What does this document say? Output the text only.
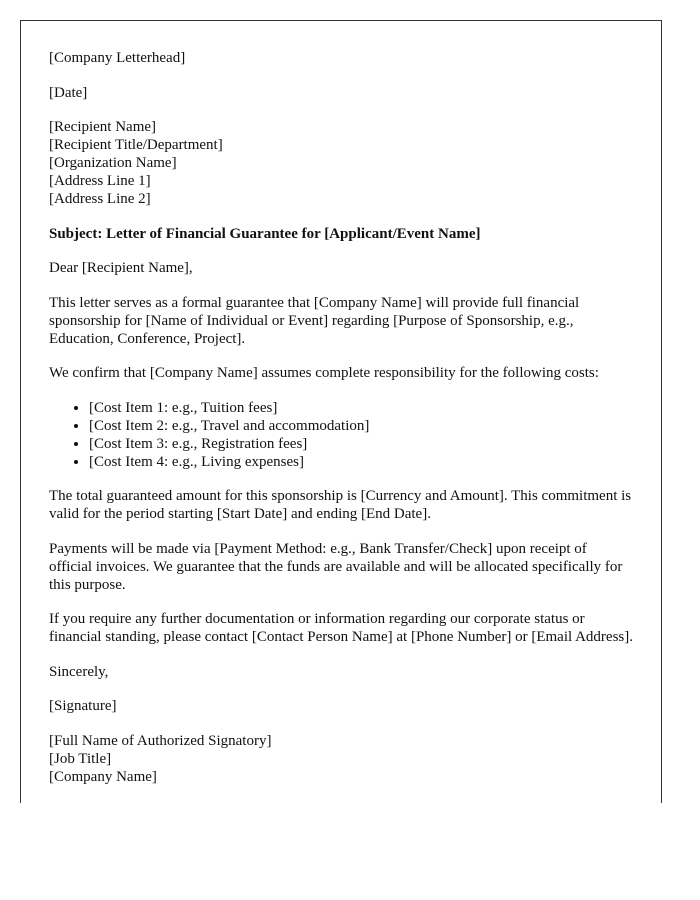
[Company Letterhead]

[Date]

[Recipient Name]
[Recipient Title/Department]
[Organization Name]
[Address Line 1]
[Address Line 2]

Subject: Letter of Financial Guarantee for [Applicant/Event Name]

Dear [Recipient Name],

This letter serves as a formal guarantee that [Company Name] will provide full financial sponsorship for [Name of Individual or Event] regarding [Purpose of Sponsorship, e.g., Education, Conference, Project].

We confirm that [Company Name] assumes complete responsibility for the following costs:

• [Cost Item 1: e.g., Tuition fees]
• [Cost Item 2: e.g., Travel and accommodation]
• [Cost Item 3: e.g., Registration fees]
• [Cost Item 4: e.g., Living expenses]

The total guaranteed amount for this sponsorship is [Currency and Amount]. This commitment is valid for the period starting [Start Date] and ending [End Date].

Payments will be made via [Payment Method: e.g., Bank Transfer/Check] upon receipt of official invoices. We guarantee that the funds are available and will be allocated specifically for this purpose.

If you require any further documentation or information regarding our corporate status or financial standing, please contact [Contact Person Name] at [Phone Number] or [Email Address].

Sincerely,

[Signature]

[Full Name of Authorized Signatory]
[Job Title]
[Company Name]
